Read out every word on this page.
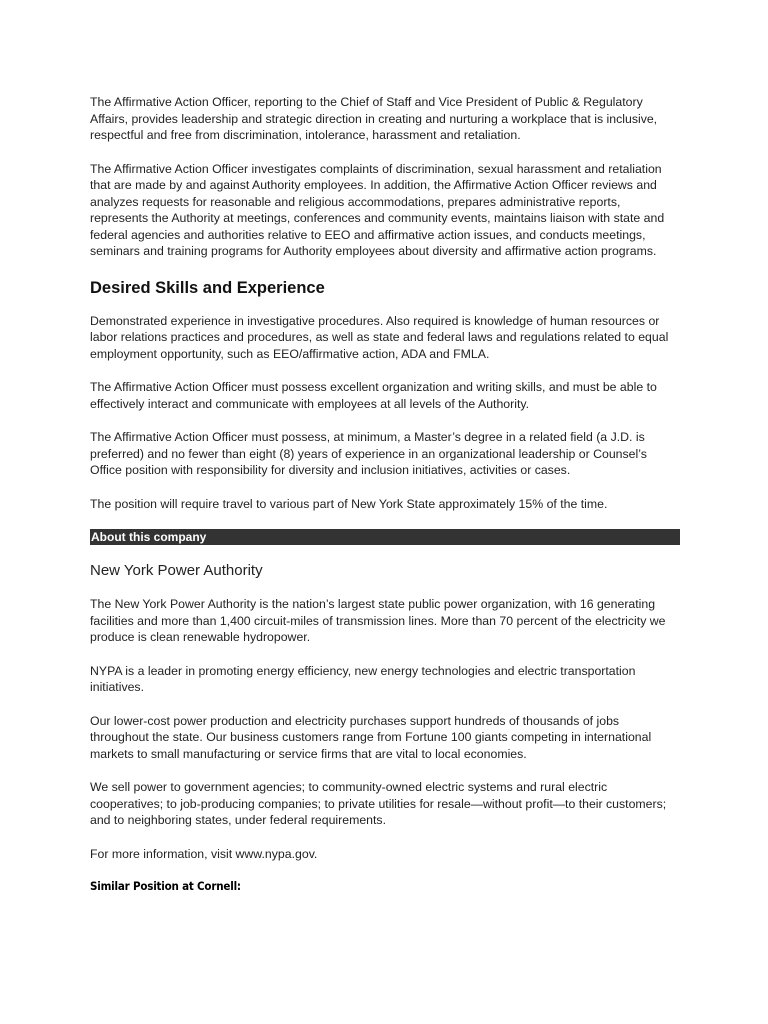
The Affirmative Action Officer, reporting to the Chief of Staff and Vice President of Public & Regulatory Affairs, provides leadership and strategic direction in creating and nurturing a workplace that is inclusive, respectful and free from discrimination, intolerance, harassment and retaliation.

The Affirmative Action Officer investigates complaints of discrimination, sexual harassment and retaliation that are made by and against Authority employees. In addition, the Affirmative Action Officer reviews and analyzes requests for reasonable and religious accommodations, prepares administrative reports, represents the Authority at meetings, conferences and community events, maintains liaison with state and federal agencies and authorities relative to EEO and affirmative action issues, and conducts meetings, seminars and training programs for Authority employees about diversity and affirmative action programs.

Desired Skills and Experience

Demonstrated experience in investigative procedures. Also required is knowledge of human resources or labor relations practices and procedures, as well as state and federal laws and regulations related to equal employment opportunity, such as EEO/affirmative action, ADA and FMLA.

The Affirmative Action Officer must possess excellent organization and writing skills, and must be able to effectively interact and communicate with employees at all levels of the Authority.

The Affirmative Action Officer must possess, at minimum, a Master’s degree in a related field (a J.D. is preferred) and no fewer than eight (8) years of experience in an organizational leadership or Counsel’s Office position with responsibility for diversity and inclusion initiatives, activities or cases.

The position will require travel to various part of New York State approximately 15% of the time.

About this company
New York Power Authority

The New York Power Authority is the nation’s largest state public power organization, with 16 generating facilities and more than 1,400 circuit-miles of transmission lines. More than 70 percent of the electricity we produce is clean renewable hydropower.

NYPA is a leader in promoting energy efficiency, new energy technologies and electric transportation initiatives.

Our lower-cost power production and electricity purchases support hundreds of thousands of jobs throughout the state. Our business customers range from Fortune 100 giants competing in international markets to small manufacturing or service firms that are vital to local economies.

We sell power to government agencies; to community-owned electric systems and rural electric cooperatives; to job-producing companies; to private utilities for resale—without profit—to their customers; and to neighboring states, under federal requirements.

For more information, visit www.nypa.gov.

Similar Position at Cornell:
